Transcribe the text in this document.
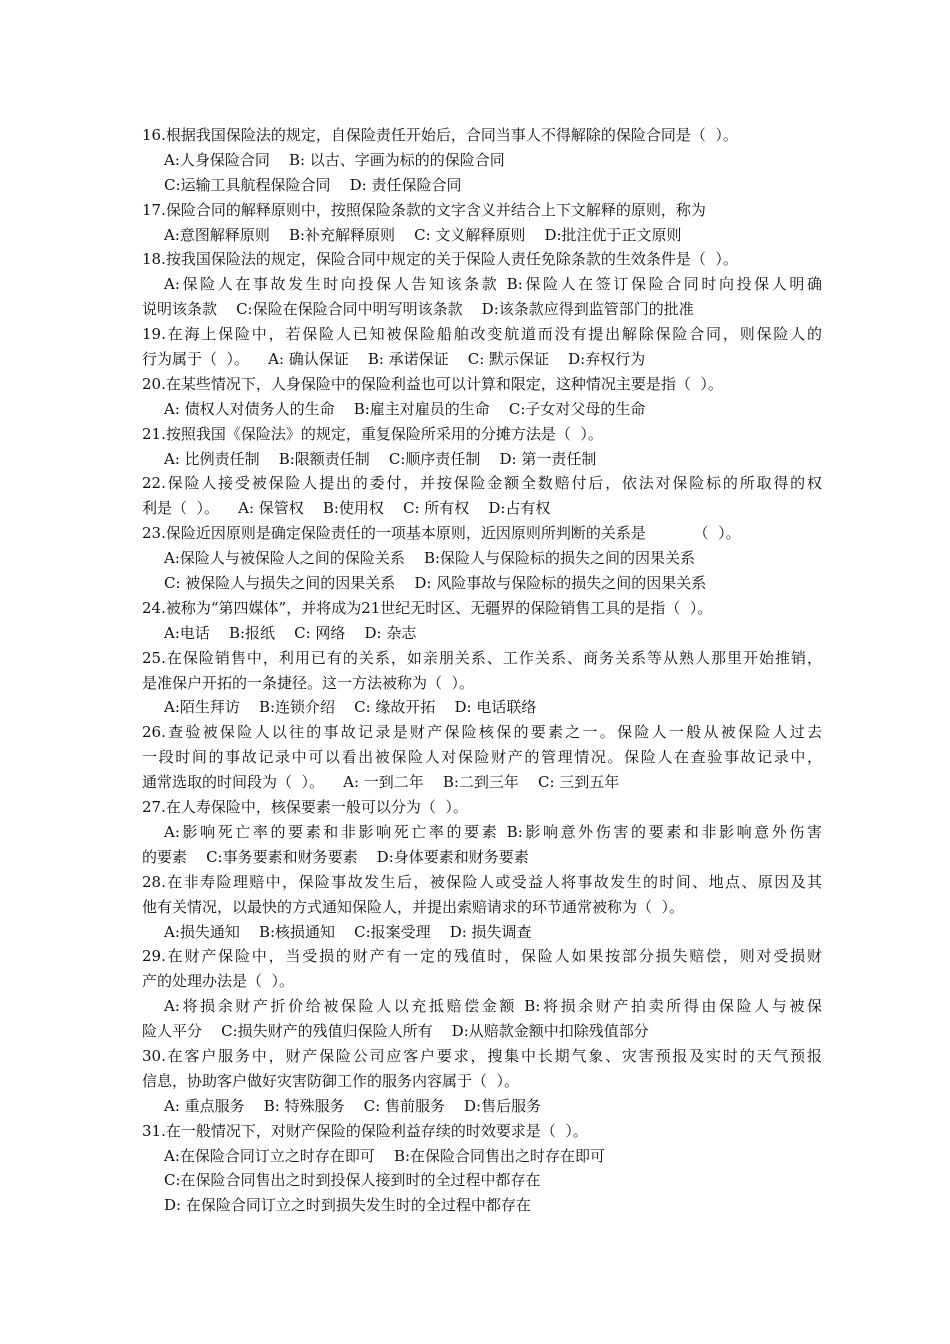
16.根据我国保险法的规定，自保险责任开始后，合同当事人不得解除的保险合同是（  ）。
A:人身保险合同    B: 以古、字画为标的的保险合同
C:运输工具航程保险合同    D: 责任保险合同
17.保险合同的解释原则中，按照保险条款的文字含义并结合上下文解释的原则，称为
A:意图解释原则    B:补充解释原则    C: 文义解释原则    D:批注优于正文原则
18.按我国保险法的规定，保险合同中规定的关于保险人责任免除条款的生效条件是（  ）。
A:保险人在事故发生时向投保人告知该条款 B:保险人在签订保险合同时向投保人明确
说明该条款    C:保险在保险合同中明写明该条款    D:该条款应得到监管部门的批准
19.在海上保险中，若保险人已知被保险船舶改变航道而没有提出解除保险合同，则保险人的
行为属于（  ）。    A: 确认保证    B: 承诺保证    C: 默示保证    D:弃权行为
20.在某些情况下，人身保险中的保险利益也可以计算和限定，这种情况主要是指（  ）。
A: 债权人对债务人的生命    B:雇主对雇员的生命    C:子女对父母的生命
21.按照我国《保险法》的规定，重复保险所采用的分摊方法是（  ）。
A: 比例责任制    B:限额责任制    C:顺序责任制    D: 第一责任制
22.保险人接受被保险人提出的委付，并按保险金额全数赔付后，依法对保险标的所取得的权
利是（  ）。    A: 保管权    B:使用权    C: 所有权    D:占有权
23.保险近因原则是确定保险责任的一项基本原则，近因原则所判断的关系是          （  ）。
A:保险人与被保险人之间的保险关系    B:保险人与保险标的损失之间的因果关系
C: 被保险人与损失之间的因果关系    D: 风险事故与保险标的损失之间的因果关系
24.被称为“第四媒体”，并将成为21世纪无时区、无疆界的保险销售工具的是指（  ）。
A:电话    B:报纸    C: 网络    D: 杂志
25.在保险销售中，利用已有的关系，如亲朋关系、工作关系、商务关系等从熟人那里开始推销，
是准保户开拓的一条捷径。这一方法被称为（  ）。
A:陌生拜访    B:连锁介绍    C: 缘故开拓    D: 电话联络
26.查验被保险人以往的事故记录是财产保险核保的要素之一。保险人一般从被保险人过去
一段时间的事故记录中可以看出被保险人对保险财产的管理情况。保险人在查验事故记录中，
通常选取的时间段为（  ）。    A: 一到二年    B:二到三年    C: 三到五年
27.在人寿保险中，核保要素一般可以分为（  ）。
A:影响死亡率的要素和非影响死亡率的要素 B:影响意外伤害的要素和非影响意外伤害
的要素    C:事务要素和财务要素    D:身体要素和财务要素
28.在非寿险理赔中，保险事故发生后，被保险人或受益人将事故发生的时间、地点、原因及其
他有关情况，以最快的方式通知保险人，并提出索赔请求的环节通常被称为（  ）。
A:损失通知    B:核损通知    C:报案受理    D: 损失调查
29.在财产保险中，当受损的财产有一定的残值时，保险人如果按部分损失赔偿，则对受损财
产的处理办法是（  ）。
A:将损余财产折价给被保险人以充抵赔偿金额 B:将损余财产拍卖所得由保险人与被保
险人平分    C:损失财产的残值归保险人所有    D:从赔款金额中扣除残值部分
30.在客户服务中，财产保险公司应客户要求，搜集中长期气象、灾害预报及实时的天气预报
信息，协助客户做好灾害防御工作的服务内容属于（  ）。
A: 重点服务    B: 特殊服务    C: 售前服务    D:售后服务
31.在一般情况下，对财产保险的保险利益存续的时效要求是（  ）。
A:在保险合同订立之时存在即可    B:在保险合同售出之时存在即可
C:在保险合同售出之时到投保人接到时的全过程中都存在
D: 在保险合同订立之时到损失发生时的全过程中都存在
